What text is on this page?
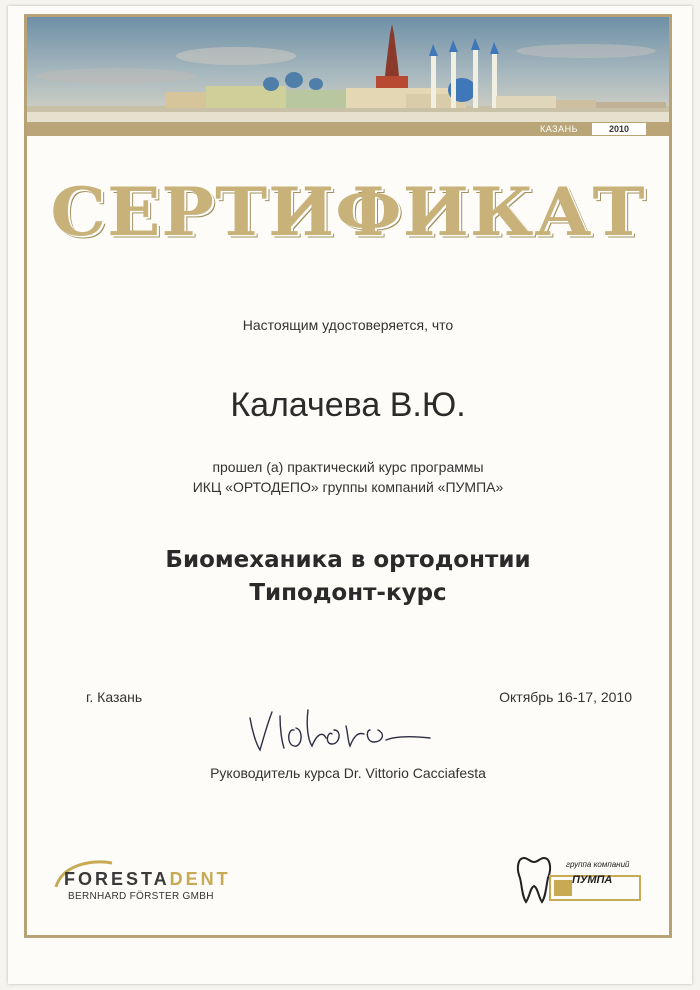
КАЗАНЬ	2010
СЕРТИФИКАТ
Настоящим удостоверяется, что
Калачева В.Ю.
прошел (а) практический курс программы
ИКЦ «ОРТОДЕПО» группы компаний «ПУМПА»
Биомеханика в ортодонтии
Типодонт-курс
г. Казань	Октябрь 16-17, 2010
Руководитель курса Dr. Vittorio Cacciafesta
FORESTADENT
BERNHARD FÖRSTER GMBH
группа компаний
ПУМПА
